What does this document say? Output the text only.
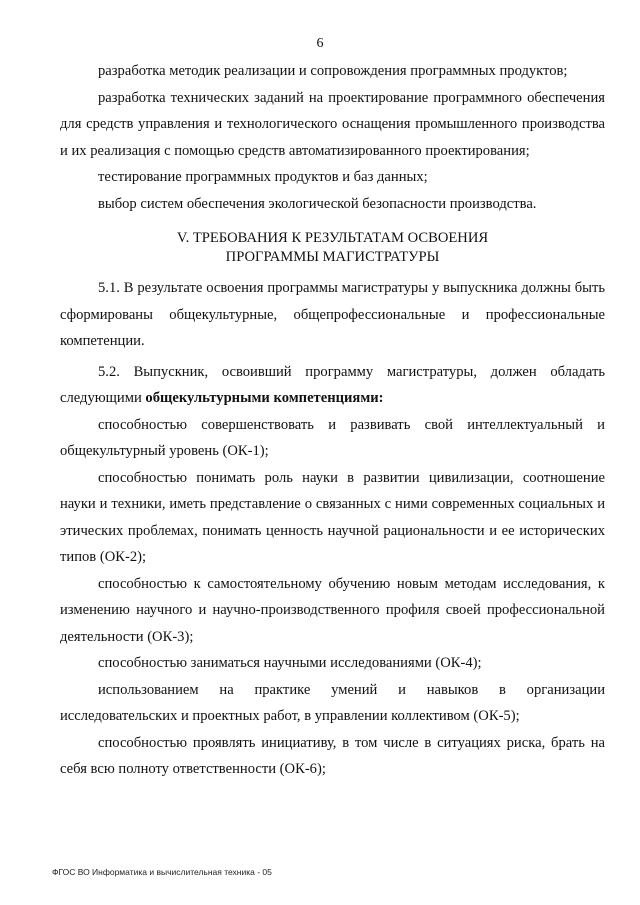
6

разработка методик реализации и сопровождения программных продуктов;

разработка технических заданий на проектирование программного обеспечения для средств управления и технологического оснащения промышленного производства и их реализация с помощью средств автоматизированного проектирования;

тестирование программных продуктов и баз данных;

выбор систем обеспечения экологической безопасности производства.

V. ТРЕБОВАНИЯ К РЕЗУЛЬТАТАМ ОСВОЕНИЯ
ПРОГРАММЫ МАГИСТРАТУРЫ

5.1. В результате освоения программы магистратуры у выпускника должны быть сформированы общекультурные, общепрофессиональные и профессиональные компетенции.

5.2. Выпускник, освоивший программу магистратуры, должен обладать следующими общекультурными компетенциями:

способностью совершенствовать и развивать свой интеллектуальный и общекультурный уровень (ОК-1);

способностью понимать роль науки в развитии цивилизации, соотношение науки и техники, иметь представление о связанных с ними современных социальных и этических проблемах, понимать ценность научной рациональности и ее исторических типов (ОК-2);

способностью к самостоятельному обучению новым методам исследования, к изменению научного и научно-производственного профиля своей профессиональной деятельности (ОК-3);

способностью заниматься научными исследованиями (ОК-4);

использованием на практике умений и навыков в организации исследовательских и проектных работ, в управлении коллективом (ОК-5);

способностью проявлять инициативу, в том числе в ситуациях риска, брать на себя всю полноту ответственности (ОК-6);

ФГОС ВО Информатика и вычислительная техника - 05
